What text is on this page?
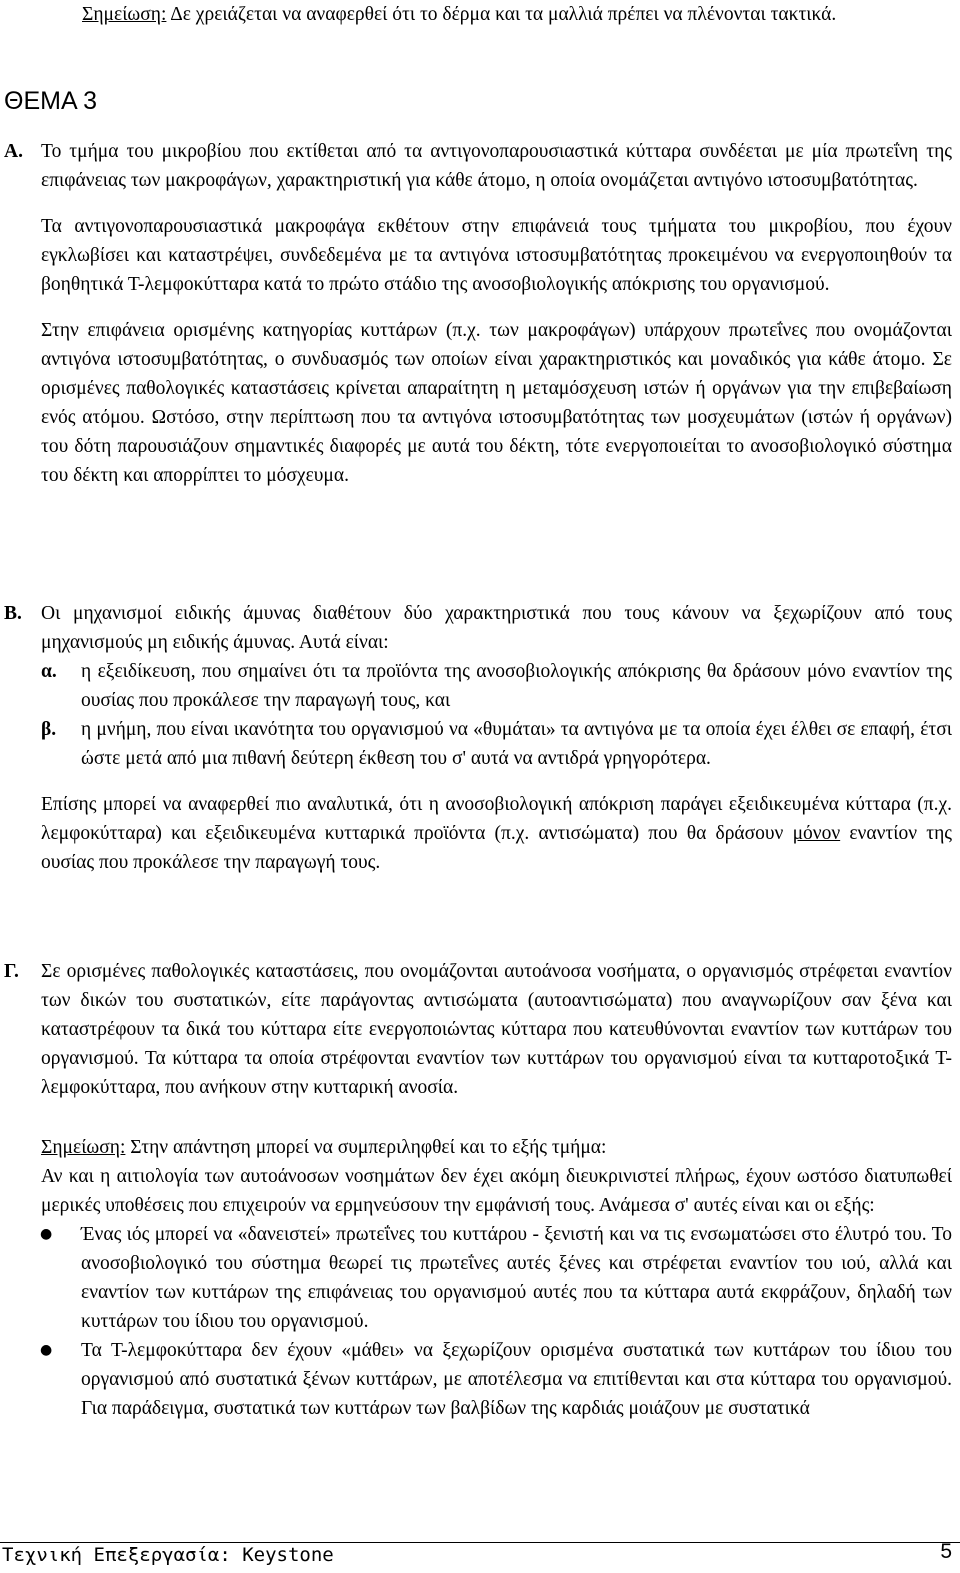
Σημείωση: Δε χρειάζεται να αναφερθεί ότι το δέρμα και τα μαλλιά πρέπει να πλένονται τακτικά.
ΘΕΜΑ 3
Α. Το τμήμα του μικροβίου που εκτίθεται από τα αντιγονοπαρουσιαστικά κύτταρα συνδέεται με μία πρωτεΐνη της επιφάνειας των μακροφάγων, χαρακτηριστική για κάθε άτομο, η οποία ονομάζεται αντιγόνο ιστοσυμβατότητας.

Τα αντιγονοπαρουσιαστικά μακροφάγα εκθέτουν στην επιφάνειά τους τμήματα του μικροβίου, που έχουν εγκλωβίσει και καταστρέψει, συνδεδεμένα με τα αντιγόνα ιστοσυμβατότητας προκειμένου να ενεργοποιηθούν τα βοηθητικά Τ-λεμφοκύτταρα κατά το πρώτο στάδιο της ανοσοβιολογικής απόκρισης του οργανισμού.

Στην επιφάνεια ορισμένης κατηγορίας κυττάρων (π.χ. των μακροφάγων) υπάρχουν πρωτεΐνες που ονομάζονται αντιγόνα ιστοσυμβατότητας, ο συνδυασμός των οποίων είναι χαρακτηριστικός και μοναδικός για κάθε άτομο. Σε ορισμένες παθολογικές καταστάσεις κρίνεται απαραίτητη η μεταμόσχευση ιστών ή οργάνων για την επιβεβαίωση ενός ατόμου. Ωστόσο, στην περίπτωση που τα αντιγόνα ιστοσυμβατότητας των μοσχευμάτων (ιστών ή οργάνων) του δότη παρουσιάζουν σημαντικές διαφορές με αυτά του δέκτη, τότε ενεργοποιείται το ανοσοβιολογικό σύστημα του δέκτη και απορρίπτει το μόσχευμα.

Β. Οι μηχανισμοί ειδικής άμυνας διαθέτουν δύο χαρακτηριστικά που τους κάνουν να ξεχωρίζουν από τους μηχανισμούς μη ειδικής άμυνας. Αυτά είναι:

α. η εξειδίκευση, που σημαίνει ότι τα προϊόντα της ανοσοβιολογικής απόκρισης θα δράσουν μόνο εναντίον της ουσίας που προκάλεσε την παραγωγή τους, και
β. η μνήμη, που είναι ικανότητα του οργανισμού να «θυμάται» τα αντιγόνα με τα οποία έχει έλθει σε επαφή, έτσι ώστε μετά από μια πιθανή δεύτερη έκθεση του σ' αυτά να αντιδρά γρηγορότερα.

Επίσης μπορεί να αναφερθεί πιο αναλυτικά, ότι η ανοσοβιολογική απόκριση παράγει εξειδικευμένα κύτταρα (π.χ. λεμφοκύτταρα) και εξειδικευμένα κυτταρικά προϊόντα (π.χ. αντισώματα) που θα δράσουν μόνον εναντίον της ουσίας που προκάλεσε την παραγωγή τους.

Γ. Σε ορισμένες παθολογικές καταστάσεις, που ονομάζονται αυτοάνοσα νοσήματα, ο οργανισμός στρέφεται εναντίον των δικών του συστατικών, είτε παράγοντας αντισώματα (αυτοαντισώματα) που αναγνωρίζουν σαν ξένα και καταστρέφουν τα δικά του κύτταρα είτε ενεργοποιώντας κύτταρα που κατευθύνονται εναντίον των κυττάρων του οργανισμού. Τα κύτταρα τα οποία στρέφονται εναντίον των κυττάρων του οργανισμού είναι τα κυτταροτοξικά Τ-λεμφοκύτταρα, που ανήκουν στην κυτταρική ανοσία.

Σημείωση: Στην απάντηση μπορεί να συμπεριληφθεί και το εξής τμήμα:

Αν και η αιτιολογία των αυτοάνοσων νοσημάτων δεν έχει ακόμη διευκρινιστεί πλήρως, έχουν ωστόσο διατυπωθεί μερικές υποθέσεις που επιχειρούν να ερμηνεύσουν την εμφάνισή τους. Ανάμεσα σ' αυτές είναι και οι εξής:

● Ένας ιός μπορεί να «δανειστεί» πρωτεΐνες του κυττάρου - ξενιστή και να τις ενσωματώσει στο έλυτρό του. Το ανοσοβιολογικό του σύστημα θεωρεί τις πρωτεΐνες αυτές ξένες και στρέφεται εναντίον του ιού, αλλά και εναντίον των κυττάρων της επιφάνειας του οργανισμού αυτές που τα κύτταρα αυτά εκφράζουν, δηλαδή των κυττάρων του ίδιου του οργανισμού.
● Τα Τ-λεμφοκύτταρα δεν έχουν «μάθει» να ξεχωρίζουν ορισμένα συστατικά των κυττάρων του ίδιου του οργανισμού από συστατικά ξένων κυττάρων, με αποτέλεσμα να επιτίθενται και στα κύτταρα του οργανισμού. Για παράδειγμα, συστατικά των κυττάρων των βαλβίδων της καρδιάς μοιάζουν με συστατικά
Τεχνική Επεξεργασία: Keystone	5
